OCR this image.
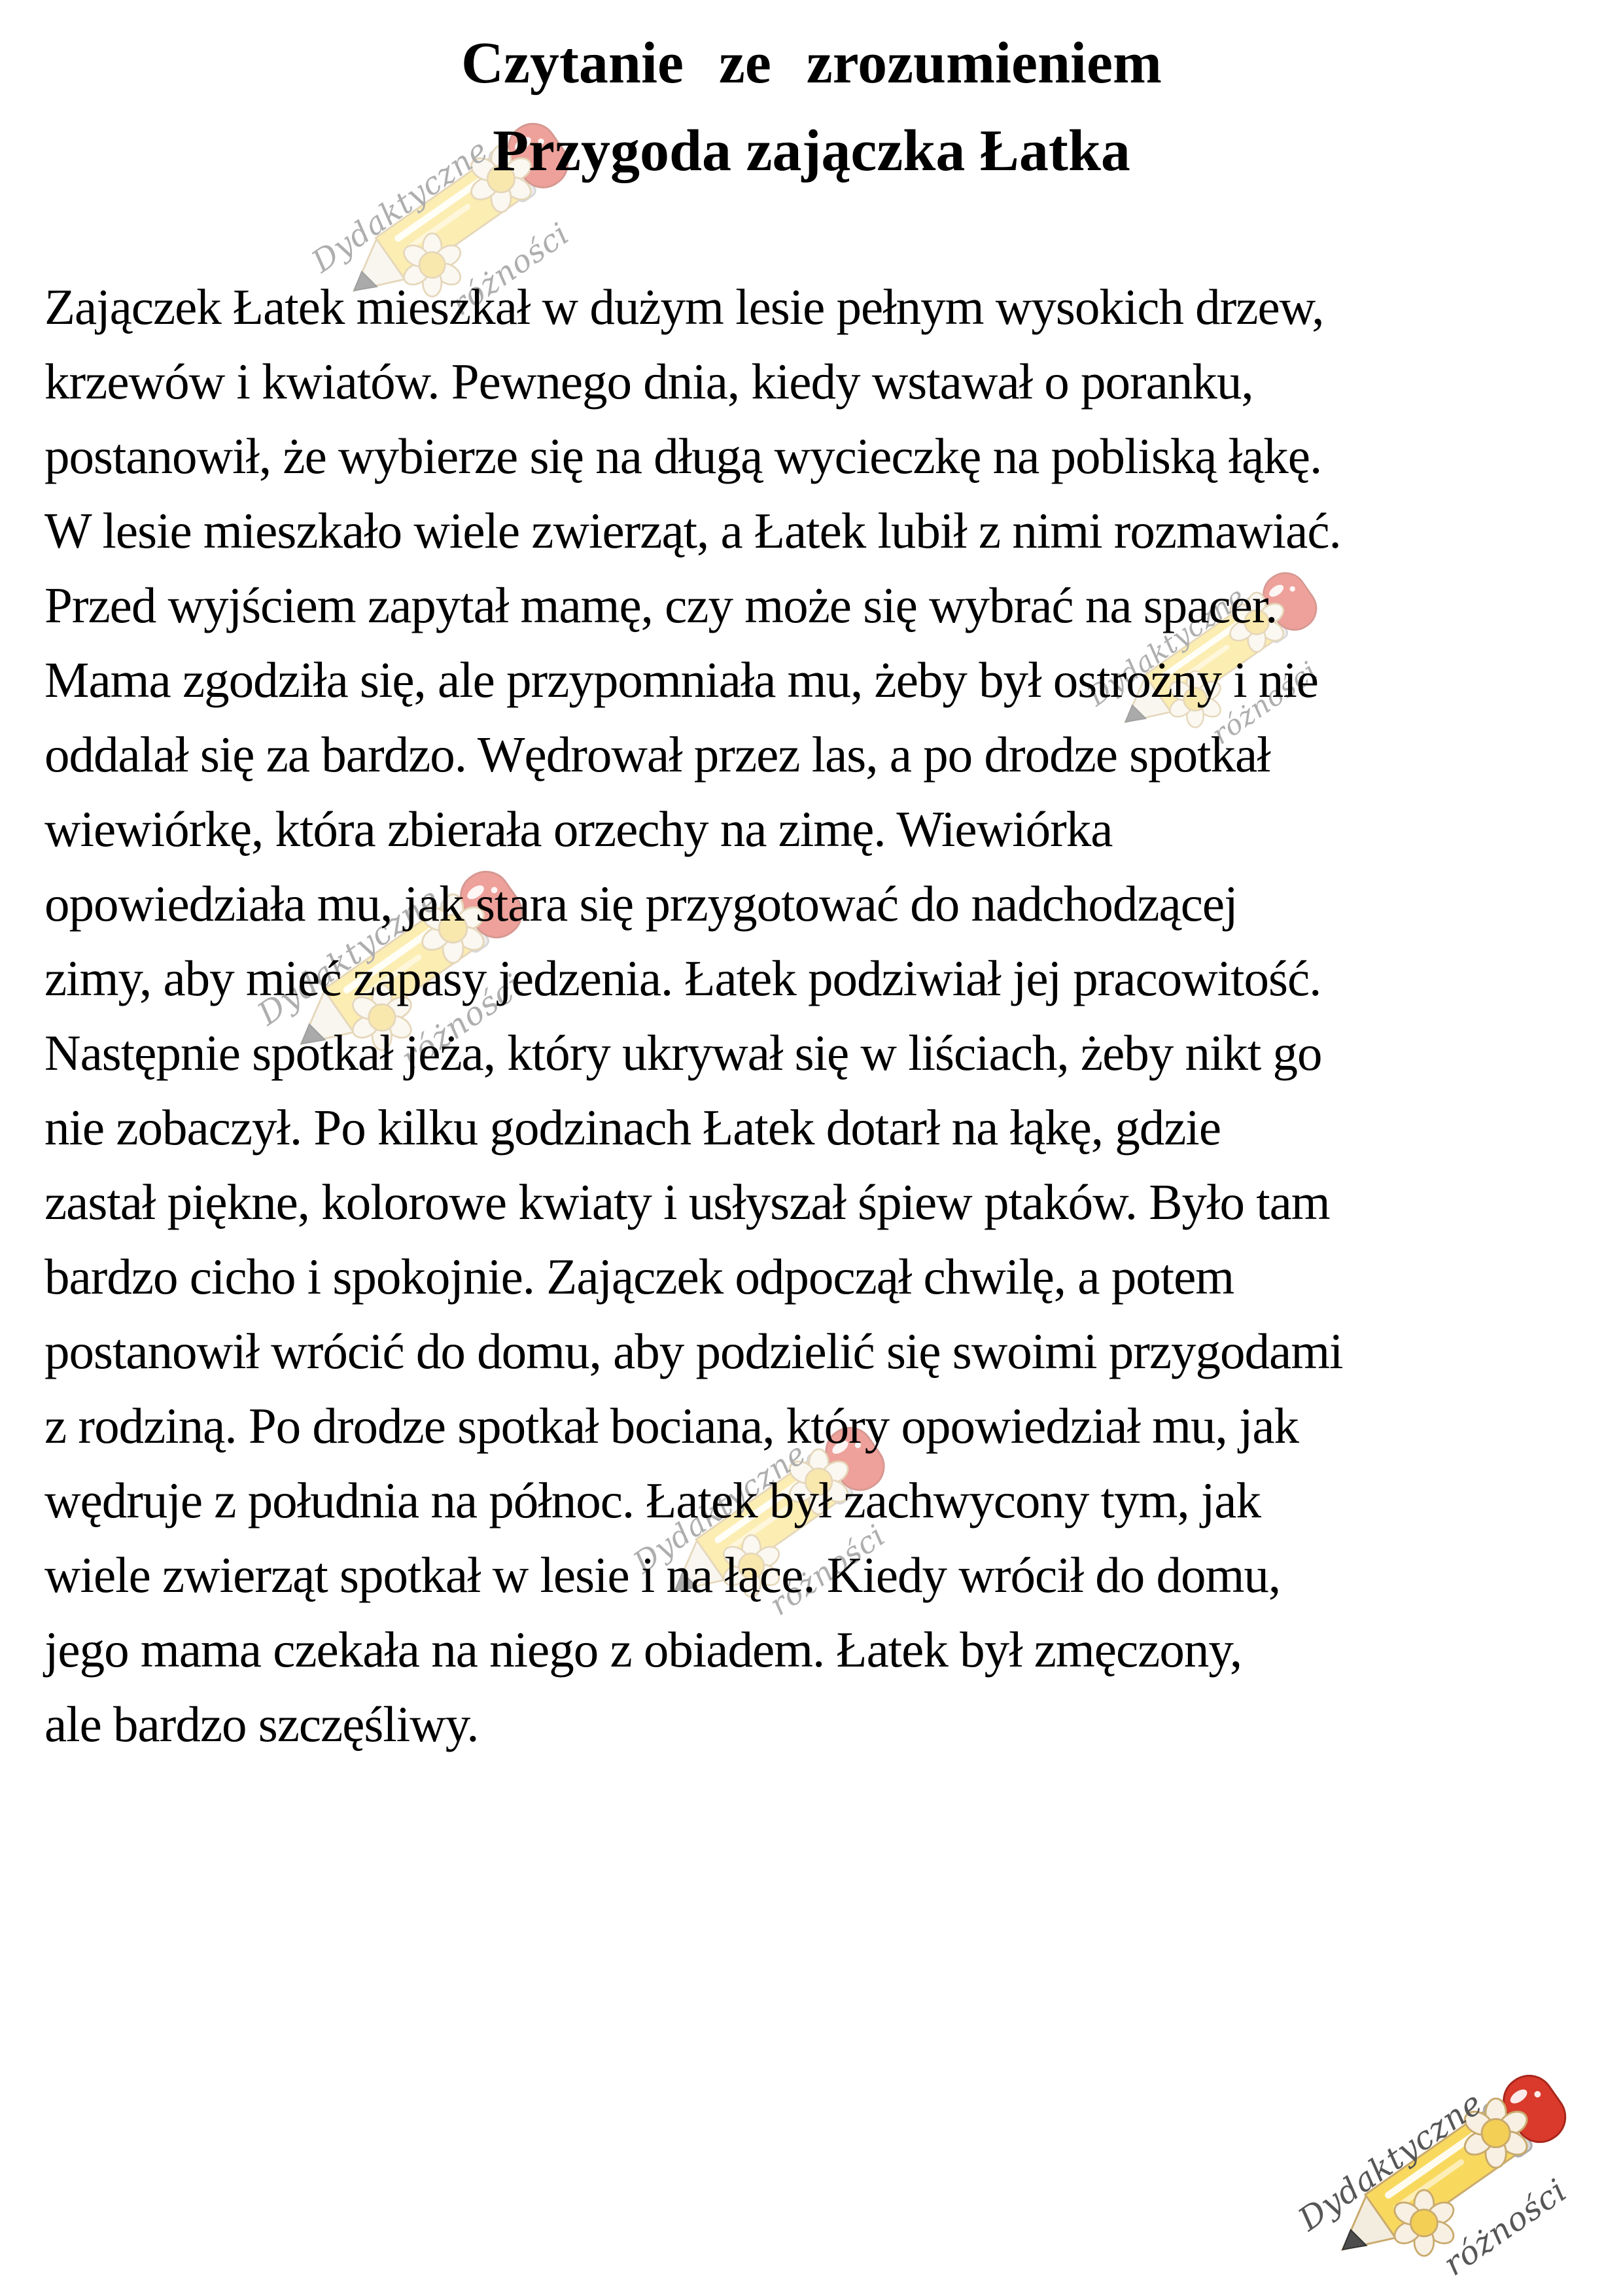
Czytanie ze zrozumieniem
Przygoda zajączka Łatka
Zajączek Łatek mieszkał w dużym lesie pełnym wysokich drzew,
krzewów i kwiatów. Pewnego dnia, kiedy wstawał o poranku,
postanowił, że wybierze się na długą wycieczkę na pobliską łąkę.
W lesie mieszkało wiele zwierząt, a Łatek lubił z nimi rozmawiać.
Przed wyjściem zapytał mamę, czy może się wybrać na spacer.
Mama zgodziła się, ale przypomniała mu, żeby był ostrożny i nie
oddalał się za bardzo. Wędrował przez las, a po drodze spotkał
wiewiórkę, która zbierała orzechy na zimę. Wiewiórka
opowiedziała mu, jak stara się przygotować do nadchodzącej
zimy, aby mieć zapasy jedzenia. Łatek podziwiał jej pracowitość.
Następnie spotkał jeża, który ukrywał się w liściach, żeby nikt go
nie zobaczył. Po kilku godzinach Łatek dotarł na łąkę, gdzie
zastał piękne, kolorowe kwiaty i usłyszał śpiew ptaków. Było tam
bardzo cicho i spokojnie. Zajączek odpoczął chwilę, a potem
postanowił wrócić do domu, aby podzielić się swoimi przygodami
z rodziną. Po drodze spotkał bociana, który opowiedział mu, jak
wędruje z południa na północ. Łatek był zachwycony tym, jak
wiele zwierząt spotkał w lesie i na łące. Kiedy wrócił do domu,
jego mama czekała na niego z obiadem. Łatek był zmęczony,
ale bardzo szczęśliwy.
